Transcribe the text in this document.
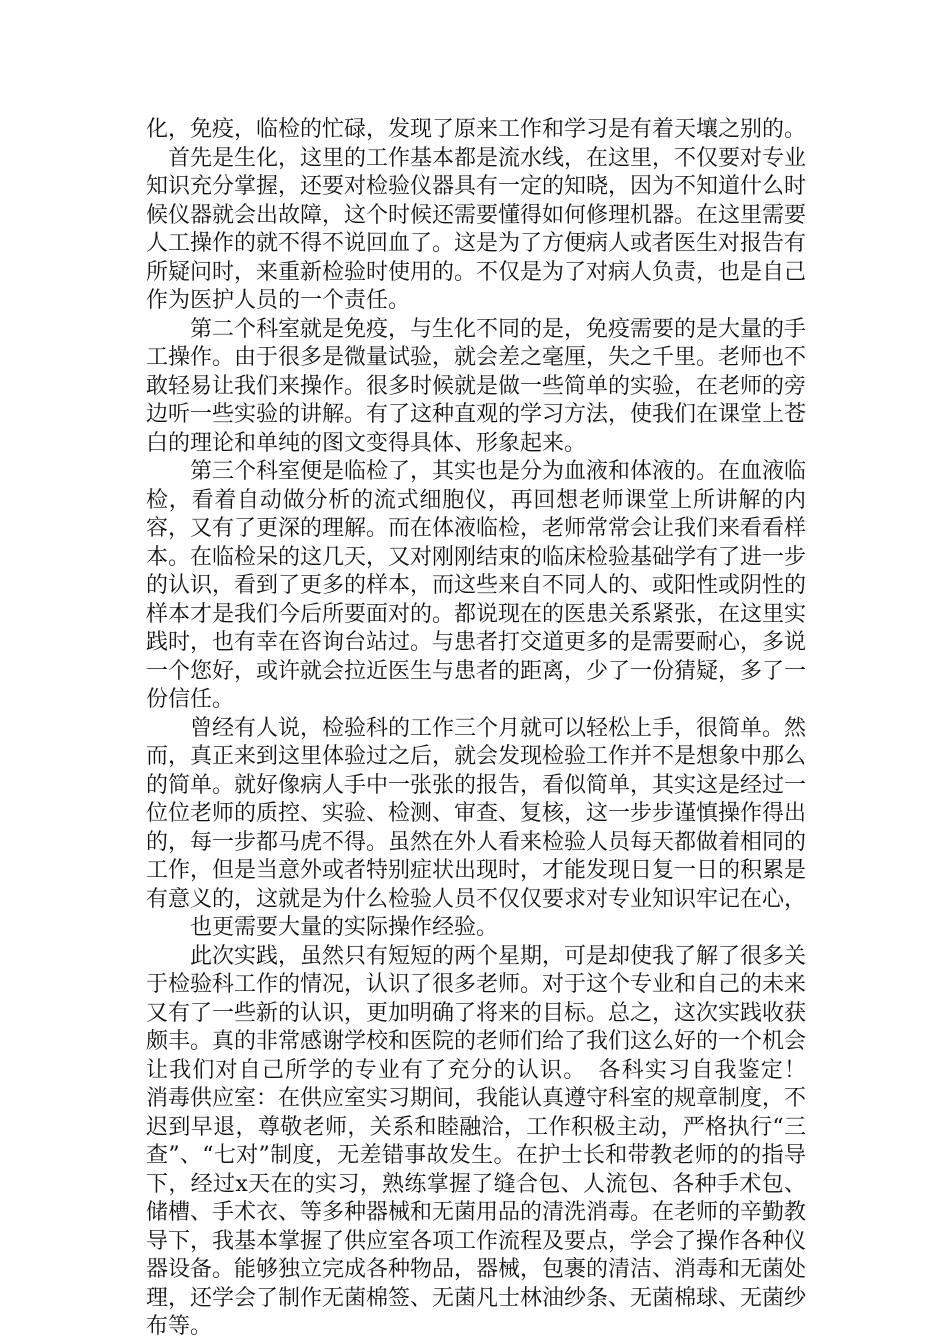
化，免疫，临检的忙碌，发现了原来工作和学习是有着天壤之别的。

首先是生化，这里的工作基本都是流水线，在这里，不仅要对专业知识充分掌握，还要对检验仪器具有一定的知晓，因为不知道什么时候仪器就会出故障，这个时候还需要懂得如何修理机器。在这里需要人工操作的就不得不说回血了。这是为了方便病人或者医生对报告有所疑问时，来重新检验时使用的。不仅是为了对病人负责，也是自己作为医护人员的一个责任。

第二个科室就是免疫，与生化不同的是，免疫需要的是大量的手工操作。由于很多是微量试验，就会差之毫厘，失之千里。老师也不敢轻易让我们来操作。很多时候就是做一些简单的实验，在老师的旁边听一些实验的讲解。有了这种直观的学习方法，使我们在课堂上苍白的理论和单纯的图文变得具体、形象起来。

第三个科室便是临检了，其实也是分为血液和体液的。在血液临检，看着自动做分析的流式细胞仪，再回想老师课堂上所讲解的内容，又有了更深的理解。而在体液临检，老师常常会让我们来看看样本。在临检呆的这几天，又对刚刚结束的临床检验基础学有了进一步的认识，看到了更多的样本，而这些来自不同人的、或阳性或阴性的样本才是我们今后所要面对的。都说现在的医患关系紧张，在这里实践时，也有幸在咨询台站过。与患者打交道更多的是需要耐心，多说一个您好，或许就会拉近医生与患者的距离，少了一份猜疑，多了一份信任。

曾经有人说，检验科的工作三个月就可以轻松上手，很简单。然而，真正来到这里体验过之后，就会发现检验工作并不是想象中那么的简单。就好像病人手中一张张的报告，看似简单，其实这是经过一位位老师的质控、实验、检测、审查、复核，这一步步谨慎操作得出的，每一步都马虎不得。虽然在外人看来检验人员每天都做着相同的工作，但是当意外或者特别症状出现时，才能发现日复一日的积累是有意义的，这就是为什么检验人员不仅仅要求对专业知识牢记在心，

也更需要大量的实际操作经验。

此次实践，虽然只有短短的两个星期，可是却使我了解了很多关于检验科工作的情况，认识了很多老师。对于这个专业和自己的未来又有了一些新的认识，更加明确了将来的目标。总之，这次实践收获颇丰。真的非常感谢学校和医院的老师们给了我们这么好的一个机会让我们对自己所学的专业有了充分的认识。　各科实习自我鉴定！　消毒供应室：在供应室实习期间，我能认真遵守科室的规章制度，不迟到早退，尊敬老师，关系和睦融洽，工作积极主动，严格执行“三查”、“七对”制度，无差错事故发生。在护士长和带教老师的的指导下，经过x天在的实习，熟练掌握了缝合包、人流包、各种手术包、储槽、手术衣、等多种器械和无菌用品的清洗消毒。在老师的辛勤教导下，我基本掌握了供应室各项工作流程及要点，学会了操作各种仪器设备。能够独立完成各种物品，器械，包裹的清洁、消毒和无菌处理，还学会了制作无菌棉签、无菌凡士林油纱条、无菌棉球、无菌纱布等。
